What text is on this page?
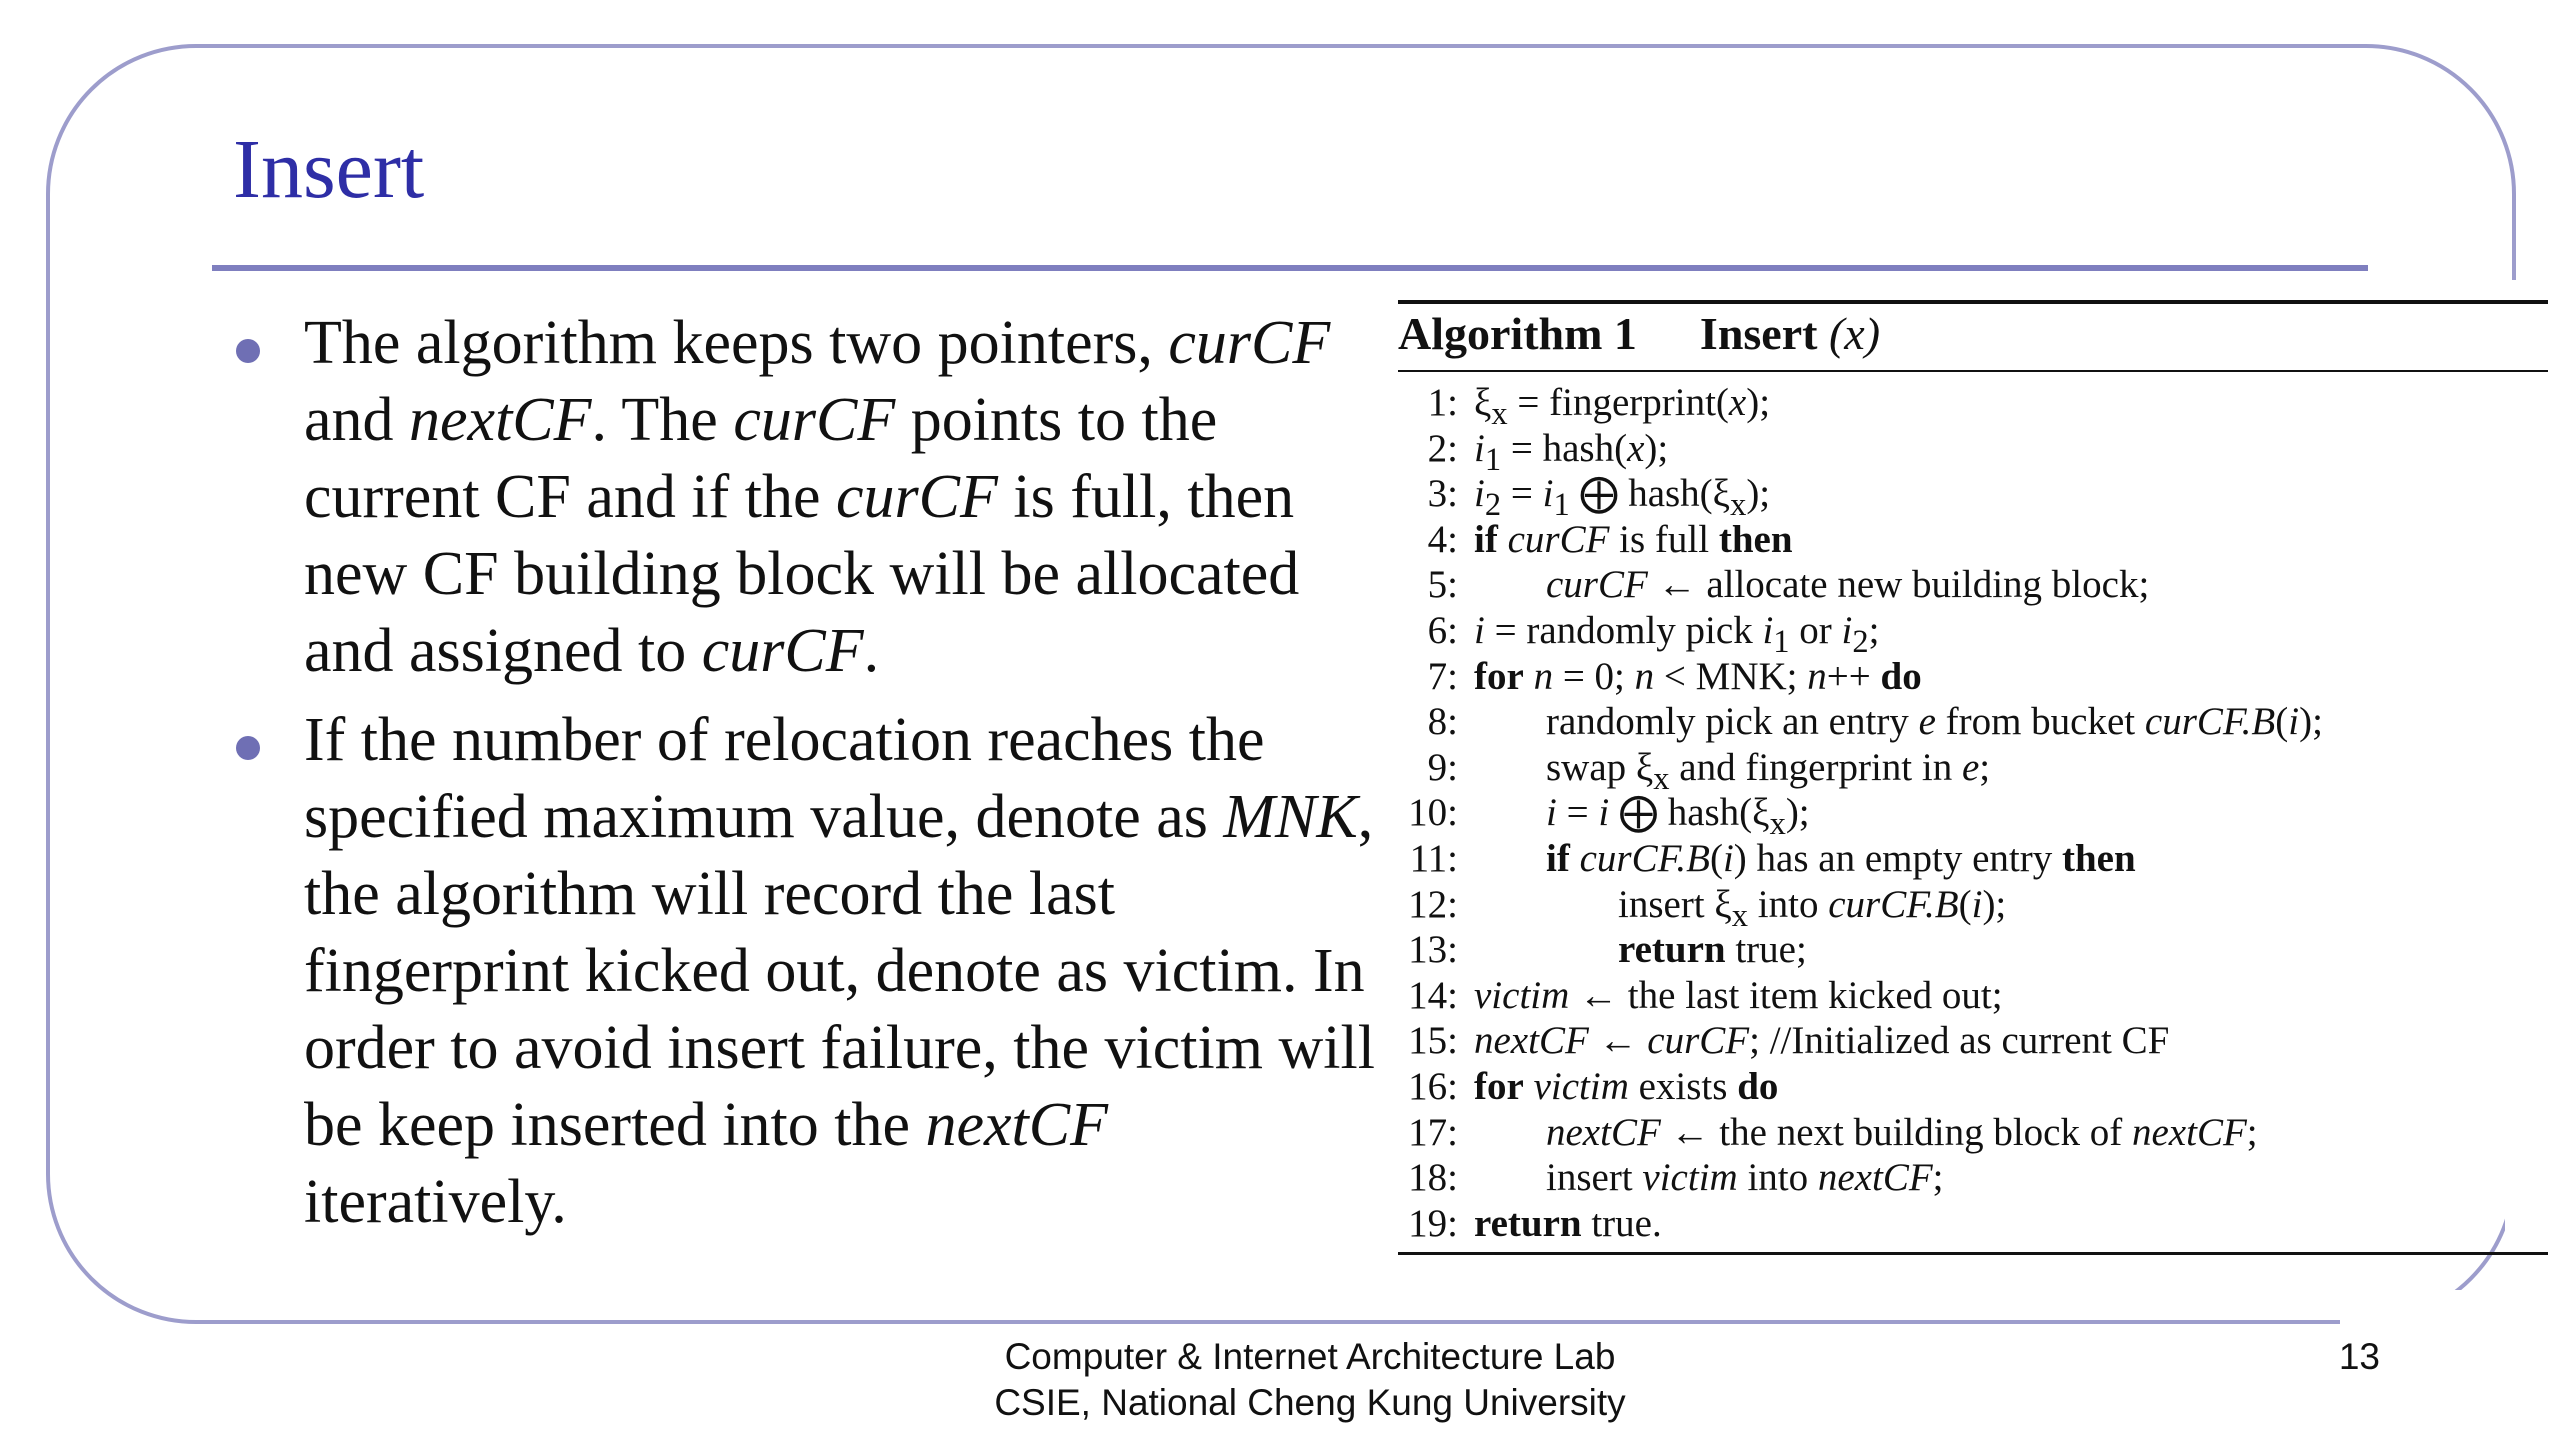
Insert
The algorithm keeps two pointers, curCF and nextCF. The curCF points to the current CF and if the curCF is full, then new CF building block will be allocated and assigned to curCF.
If the number of relocation reaches the specified maximum value, denote as MNK, the algorithm will record the last fingerprint kicked out, denote as victim. In order to avoid insert failure, the victim will be keep inserted into the nextCF iteratively.
Algorithm 1 Insert (x)
1: $\xi_x$ = fingerprint(x);
2: $i_1$ = hash(x);
3: $i_2 = i_1$ ⨁ $hash(\xi_x)$;
4: if curCF is full then
5: curCF ← allocate new building block;
6: i = randomly pick $i_1$ or $i_2$;
7: for n = 0; n < MNK; n++ do
8: randomly pick an entry e from bucket curCF.B(i);
9: swap $\xi_x$ and fingerprint in e;
10: i = i ⨁ $hash(\xi_x)$;
11: if curCF.B(i) has an empty entry then
12:	insert $\xi_x$ into curCF.B(i);
13:	return true;
14: victim ← the last item kicked out;
15: nextCF ← curCF; //Initialized as current CF
16: for victim exists do
17: nextCF ← the next building block of nextCF;
18: insert victim into nextCF;
19: return true.
Computer & Internet Architecture Lab
CSIE, National Cheng Kung University
13
